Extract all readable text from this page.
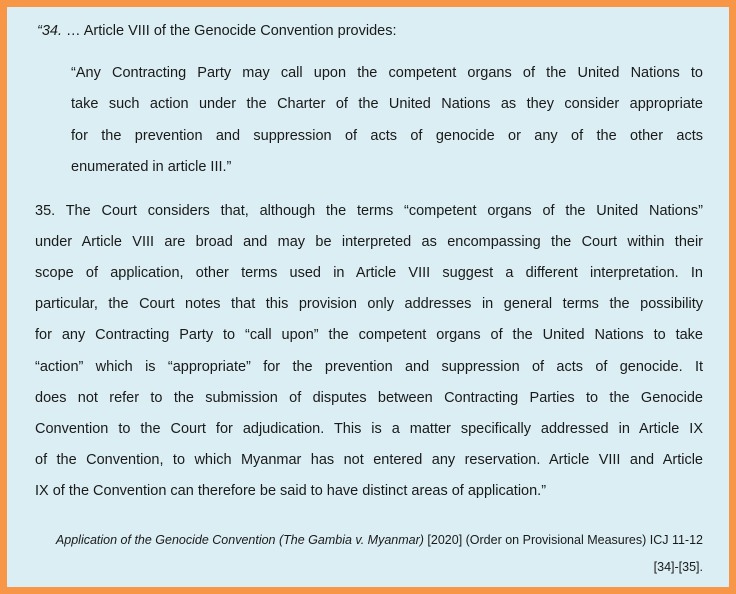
“34. … Article VIII of the Genocide Convention provides:
“Any Contracting Party may call upon the competent organs of the United Nations to
take such action under the Charter of the United Nations as they consider appropriate
for the prevention and suppression of acts of genocide or any of the other acts
enumerated in article III.”
35. The Court considers that, although the terms “competent organs of the United Nations”
under Article VIII are broad and may be interpreted as encompassing the Court within their
scope of application, other terms used in Article VIII suggest a different interpretation. In
particular, the Court notes that this provision only addresses in general terms the possibility
for any Contracting Party to “call upon” the competent organs of the United Nations to take
“action” which is “appropriate” for the prevention and suppression of acts of genocide. It
does not refer to the submission of disputes between Contracting Parties to the Genocide
Convention to the Court for adjudication. This is a matter specifically addressed in Article IX
of the Convention, to which Myanmar has not entered any reservation. Article VIII and Article
IX of the Convention can therefore be said to have distinct areas of application.”
Application of the Genocide Convention (The Gambia v. Myanmar) [2020] (Order on Provisional Measures) ICJ 11-12
[34]-[35].
